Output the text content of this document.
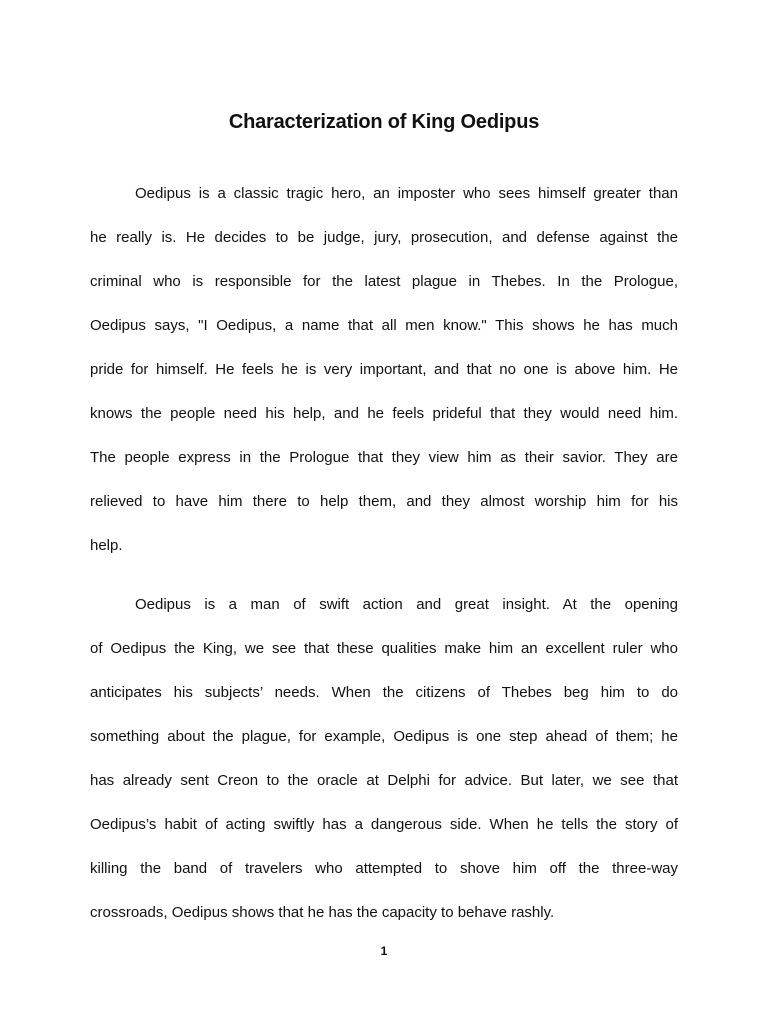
Characterization of King Oedipus
Oedipus is a classic tragic hero, an imposter who sees himself greater than
he really is. He decides to be judge, jury, prosecution, and defense against the
criminal who is responsible for the latest plague in Thebes. In the Prologue,
Oedipus says, "I Oedipus, a name that all men know." This shows he has much
pride for himself. He feels he is very important, and that no one is above him. He
knows the people need his help, and he feels prideful that they would need him.
The people express in the Prologue that they view him as their savior. They are
relieved to have him there to help them, and they almost worship him for his
help.
Oedipus is a man of swift action and great insight. At the opening
of Oedipus the King, we see that these qualities make him an excellent ruler who
anticipates his subjects’ needs. When the citizens of Thebes beg him to do
something about the plague, for example, Oedipus is one step ahead of them; he
has already sent Creon to the oracle at Delphi for advice. But later, we see that
Oedipus’s habit of acting swiftly has a dangerous side. When he tells the story of
killing the band of travelers who attempted to shove him off the three-way
crossroads, Oedipus shows that he has the capacity to behave rashly.
1
